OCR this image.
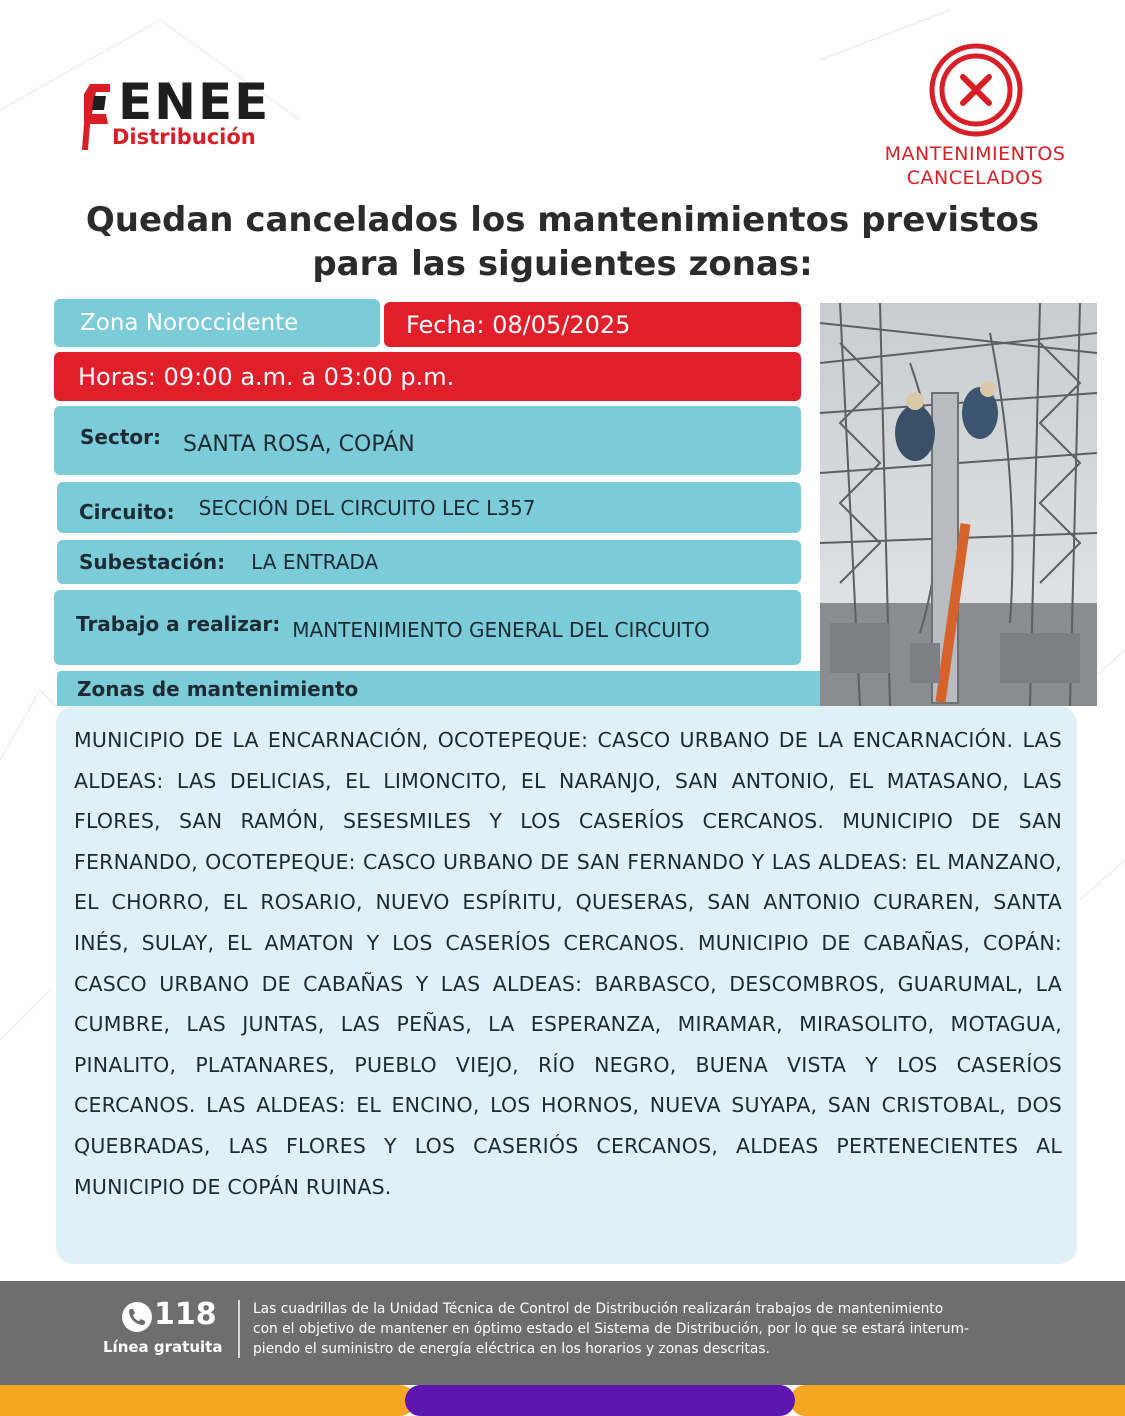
ENEE
Distribución
MANTENIMIENTOS
CANCELADOS
Quedan cancelados los mantenimientos previstos
para las siguientes zonas:
Zona Noroccidente	Fecha: 08/05/2025
Horas: 09:00 a.m. a 03:00 p.m.
Sector: SANTA ROSA, COPÁN
Circuito: SECCIÓN DEL CIRCUITO LEC L357
Subestación: LA ENTRADA
Trabajo a realizar: MANTENIMIENTO GENERAL DEL CIRCUITO
Zonas de mantenimiento
MUNICIPIO DE LA ENCARNACIÓN, OCOTEPEQUE: CASCO URBANO DE LA ENCARNACIÓN. LAS ALDEAS: LAS DELICIAS, EL LIMONCITO, EL NARANJO, SAN ANTONIO, EL MATASANO, LAS FLORES, SAN RAMÓN, SESESMILES Y LOS CASERÍOS CERCANOS. MUNICIPIO DE SAN FERNANDO, OCOTEPEQUE: CASCO URBANO DE SAN FERNANDO Y LAS ALDEAS: EL MANZANO, EL CHORRO, EL ROSARIO, NUEVO ESPÍRITU, QUESERAS, SAN ANTONIO CURAREN, SANTA INÉS, SULAY, EL AMATON Y LOS CASERÍOS CERCANOS. MUNICIPIO DE CABAÑAS, COPÁN: CASCO URBANO DE CABAÑAS Y LAS ALDEAS: BARBASCO, DESCOMBROS, GUARUMAL, LA CUMBRE, LAS JUNTAS, LAS PEÑAS, LA ESPERANZA, MIRAMAR, MIRASOLITO, MOTAGUA, PINALITO, PLATANARES, PUEBLO VIEJO, RÍO NEGRO, BUENA VISTA Y LOS CASERÍOS CERCANOS. LAS ALDEAS: EL ENCINO, LOS HORNOS, NUEVA SUYAPA, SAN CRISTOBAL, DOS QUEBRADAS, LAS FLORES Y LOS CASERIÓS CERCANOS, ALDEAS PERTENECIENTES AL MUNICIPIO DE COPÁN RUINAS.
118
Línea gratuita
Las cuadrillas de la Unidad Técnica de Control de Distribución realizarán trabajos de mantenimiento
con el objetivo de mantener en óptimo estado el Sistema de Distribución, por lo que se estará interum-
piendo el suministro de energía eléctrica en los horarios y zonas descritas.
